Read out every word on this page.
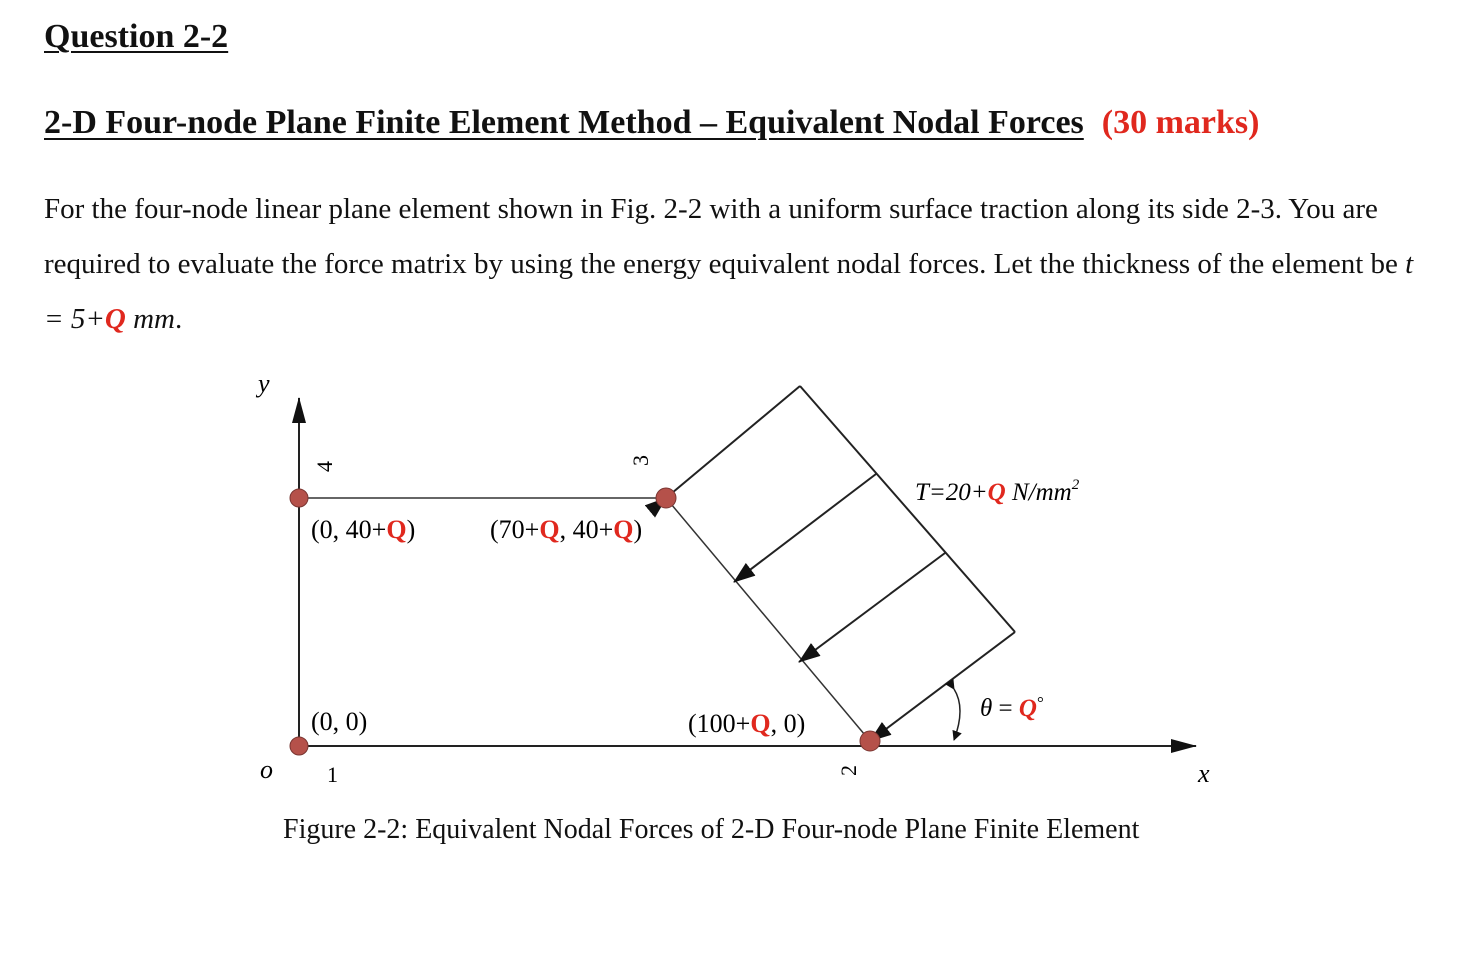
Question 2-2
2-D Four-node Plane Finite Element Method – Equivalent Nodal Forces (30 marks)

For the four-node linear plane element shown in Fig. 2-2 with a uniform surface traction along its side 2-3. You are required to evaluate the force matrix by using the energy equivalent nodal forces. Let the thickness of the element be t = 5+Q mm.

y
x
o 1	2
3
4
(0, 0)	(100+Q, 0)
(70+Q, 40+Q)
(0, 40+Q)
T=20+Q $N/mm^2$
θ = Q°

Figure 2-2: Equivalent Nodal Forces of 2-D Four-node Plane Finite Element
